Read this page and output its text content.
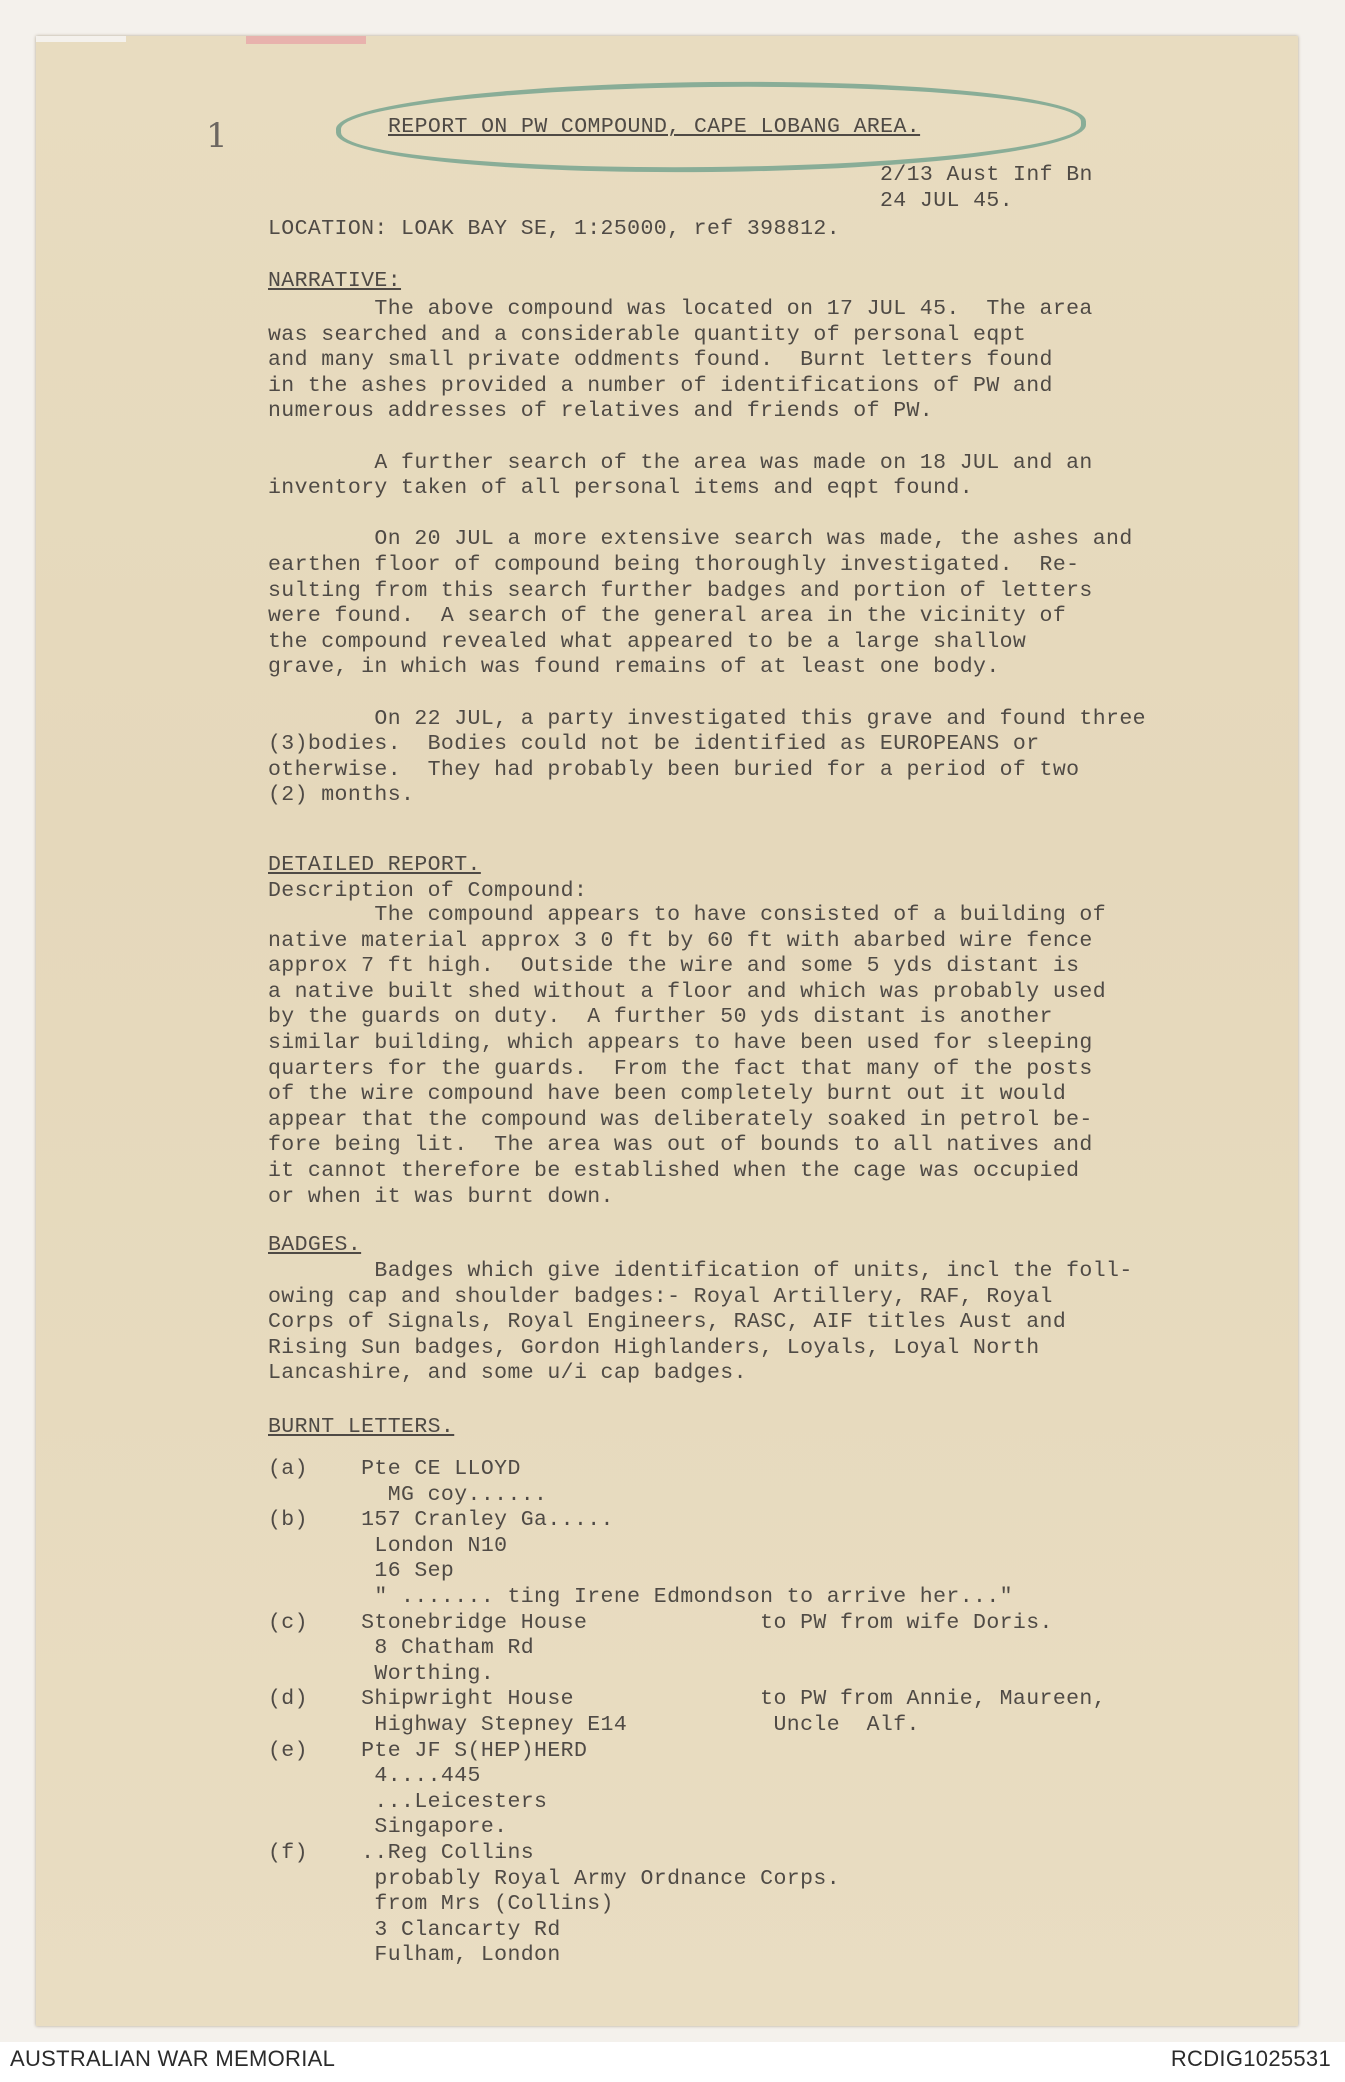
1	REPORT ON PW COMPOUND, CAPE LOBANG AREA.
2/13 Aust Inf Bn
24 JUL 45.
LOCATION: LOAK BAY SE, 1:25000, ref 398812.
NARRATIVE:
The above compound was located on 17 JUL 45.  The area
was searched and a considerable quantity of personal eqpt
and many small private oddments found.  Burnt letters found
in the ashes provided a number of identifications of PW and
numerous addresses of relatives and friends of PW.
A further search of the area was made on 18 JUL and an
inventory taken of all personal items and eqpt found.
On 20 JUL a more extensive search was made, the ashes and
earthen floor of compound being thoroughly investigated.  Re-
sulting from this search further badges and portion of letters
were found.  A search of the general area in the vicinity of
the compound revealed what appeared to be a large shallow
grave, in which was found remains of at least one body.
On 22 JUL, a party investigated this grave and found three
(3)bodies.  Bodies could not be identified as EUROPEANS or
otherwise.  They had probably been buried for a period of two
(2) months.
DETAILED REPORT.
Description of Compound:
The compound appears to have consisted of a building of
native material approx 3 0 ft by 60 ft with abarbed wire fence
approx 7 ft high.  Outside the wire and some 5 yds distant is
a native built shed without a floor and which was probably used
by the guards on duty.  A further 50 yds distant is another
similar building, which appears to have been used for sleeping
quarters for the guards.  From the fact that many of the posts
of the wire compound have been completely burnt out it would
appear that the compound was deliberately soaked in petrol be-
fore being lit.  The area was out of bounds to all natives and
it cannot therefore be established when the cage was occupied
or when it was burnt down.
BADGES.
Badges which give identification of units, incl the foll-
owing cap and shoulder badges:- Royal Artillery, RAF, Royal
Corps of Signals, Royal Engineers, RASC, AIF titles Aust and
Rising Sun badges, Gordon Highlanders, Loyals, Loyal North
Lancashire, and some u/i cap badges.
BURNT LETTERS.
(a)    Pte CE LLOYD
MG coy......
(b)    157 Cranley Ga.....
London N10
16 Sep
" ....... ting Irene Edmondson to arrive her..."
(c)    Stonebridge House             to PW from wife Doris.
8 Chatham Rd
Worthing.
(d)    Shipwright House              to PW from Annie, Maureen,
Highway Stepney E14           Uncle  Alf.
(e)    Pte JF S(HEP)HERD
4....445
...Leicesters
Singapore.
(f)    ..Reg Collins
probably Royal Army Ordnance Corps.
from Mrs (Collins)
3 Clancarty Rd
Fulham, London
AUSTRALIAN WAR MEMORIAL	RCDIG1025531
